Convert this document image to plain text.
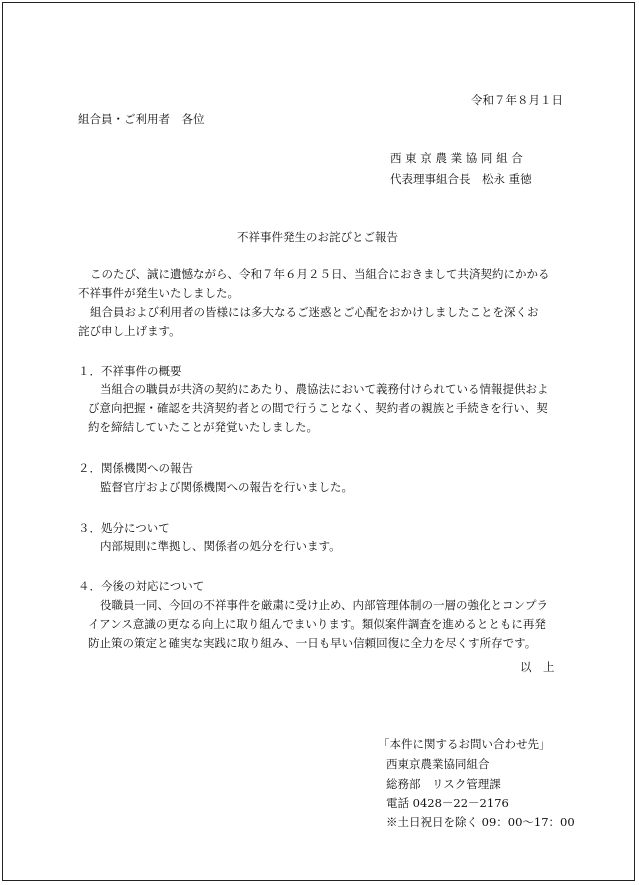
令和７年８月１日
組合員・ご利用者　各位
西 東 京 農 業 協 同 組 合
代表理事組合長　松永 重徳
不祥事件発生のお詫びとご報告
このたび、誠に遺憾ながら、令和７年６月２５日、当組合におきまして共済契約にかかる
不祥事件が発生いたしました。
組合員および利用者の皆様には多大なるご迷惑とご心配をおかけしましたことを深くお
詫び申し上げます。
１．不祥事件の概要
当組合の職員が共済の契約にあたり、農協法において義務付けられている情報提供およ
び意向把握・確認を共済契約者との間で行うことなく、契約者の親族と手続きを行い、契
約を締結していたことが発覚いたしました。
２．関係機関への報告
監督官庁および関係機関への報告を行いました。
３．処分について
内部規則に準拠し、関係者の処分を行います。
４．今後の対応について
役職員一同、今回の不祥事件を厳粛に受け止め、内部管理体制の一層の強化とコンプラ
イアンス意識の更なる向上に取り組んでまいります。類似案件調査を進めるとともに再発
防止策の策定と確実な実践に取り組み、一日も早い信頼回復に全力を尽くす所存です。
以　上
「本件に関するお問い合わせ先」
西東京農業協同組合
総務部　リスク管理課
電話 0428－22－2176
※土日祝日を除く 09：00～17：00
